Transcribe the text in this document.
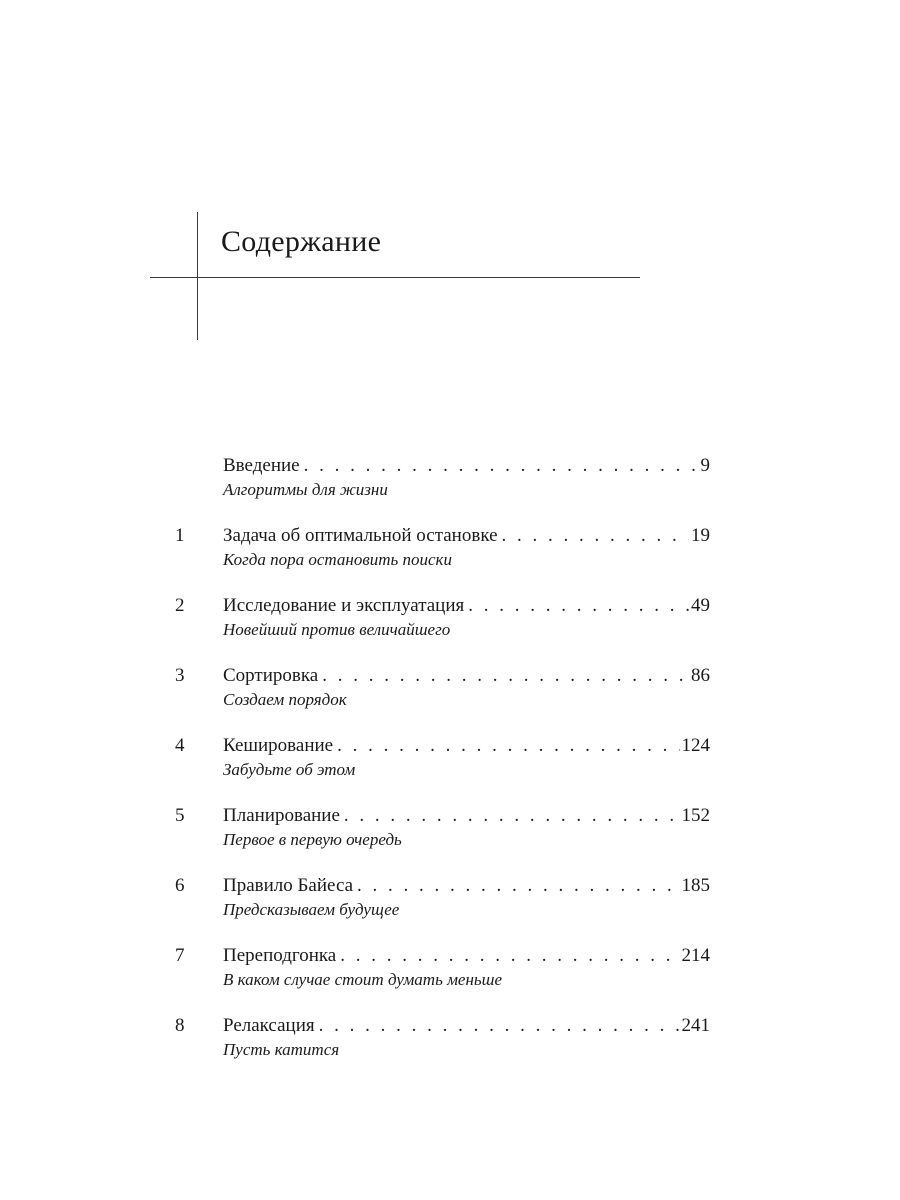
Содержание
Введение . . .	9
Алгоритмы для жизни
1	Задача об оптимальной остановке . . .	19
Когда пора остановить поиски
2	Исследование и эксплуатация . . .	49
Новейший против величайшего
3	Сортировка . . .	86
Создаем порядок
4	Кеширование . . .	124
Забудьте об этом
5	Планирование . . .	152
Первое в первую очередь
6	Правило Байеса . . .	185
Предсказываем будущее
7	Переподгонка . . .	214
В каком случае стоит думать меньше
8	Релаксация . . .	241
Пусть катится
